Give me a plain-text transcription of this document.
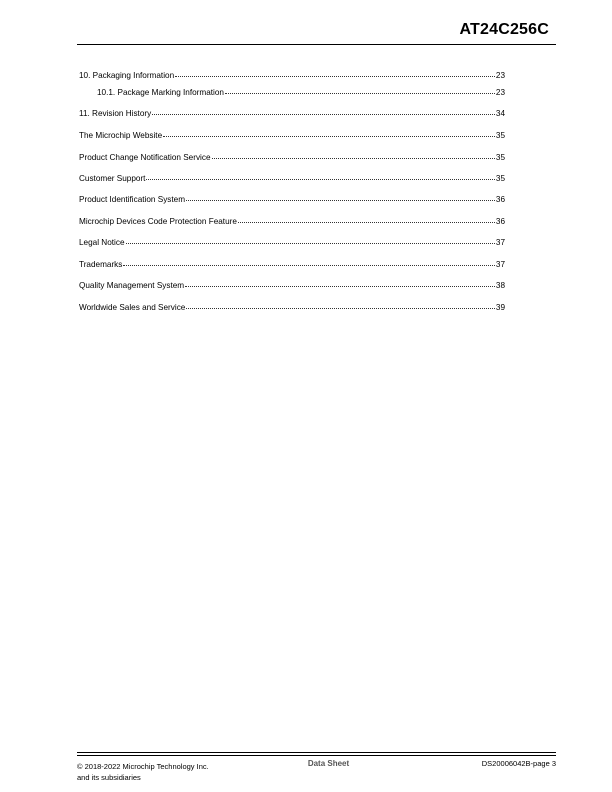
AT24C256C
10. Packaging Information	23
10.1. Package Marking Information	23
11. Revision History	34
The Microchip Website	35
Product Change Notification Service	35
Customer Support	35
Product Identification System	36
Microchip Devices Code Protection Feature	36
Legal Notice	37
Trademarks	37
Quality Management System	38
Worldwide Sales and Service	39
© 2018-2022 Microchip Technology Inc.
and its subsidiaries
Data Sheet	DS20006042B-page 3
